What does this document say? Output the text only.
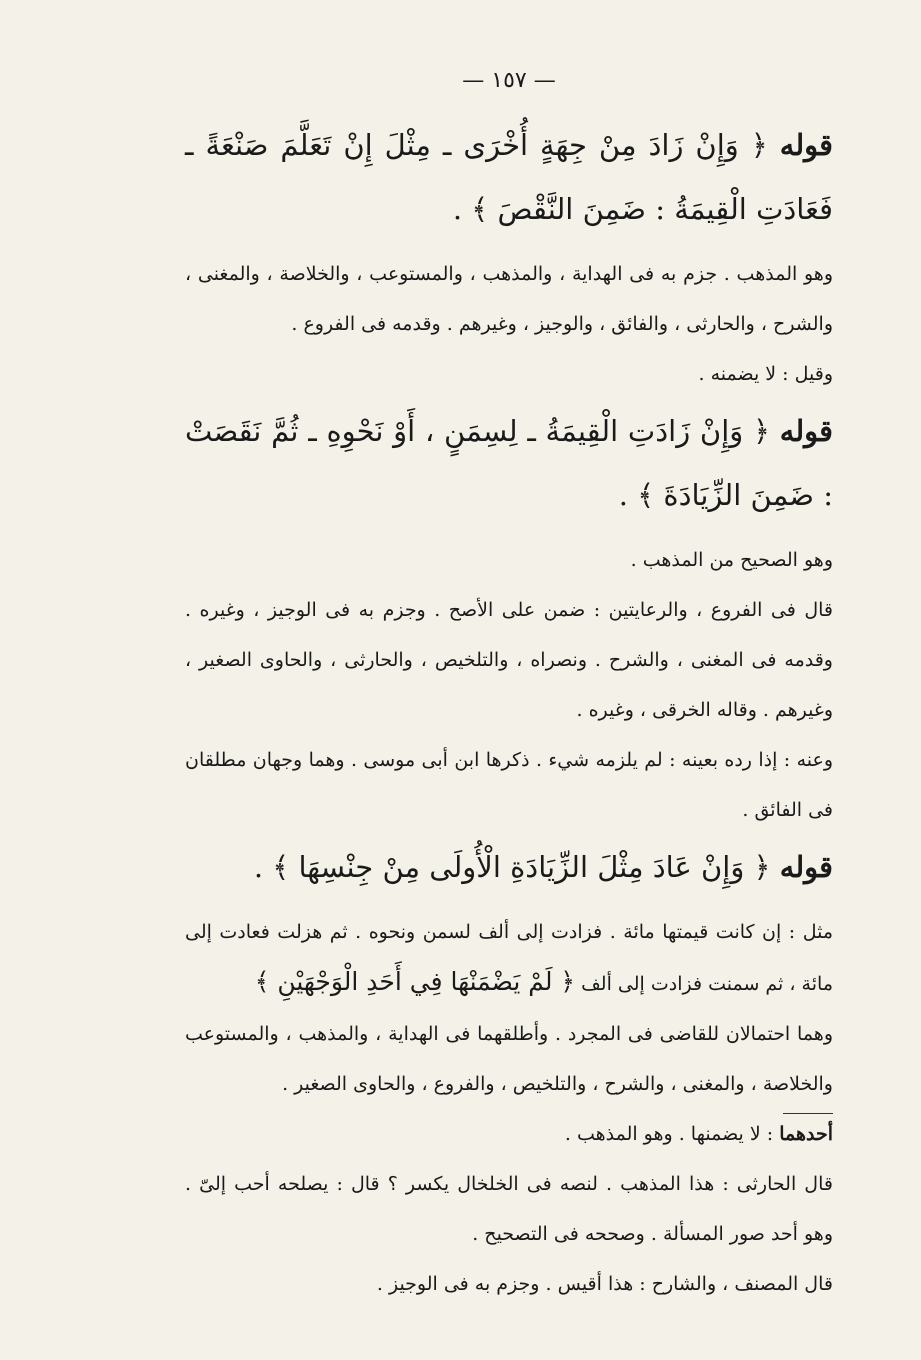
— ١٥٧ —

قوله ﴿ وَإِنْ زَادَ مِنْ جِهَةٍ أُخْرَى ـ مِثْلَ إِنْ تَعَلَّمَ صَنْعَةً ـ فَعَادَتِ الْقِيمَةُ : ضَمِنَ النَّقْصَ ﴾ .

وهو المذهب . جزم به فى الهداية ، والمذهب ، والمستوعب ، والخلاصة ، والمغنى ، والشرح ، والحارثى ، والفائق ، والوجيز ، وغيرهم . وقدمه فى الفروع .

وقيل : لا يضمنه .

قوله ﴿ وَإِنْ زَادَتِ الْقِيمَةُ ـ لِسِمَنٍ ، أَوْ نَحْوِهِ ـ ثُمَّ نَقَصَتْ : ضَمِنَ الزِّيَادَةَ ﴾ .

وهو الصحيح من المذهب .

قال فى الفروع ، والرعايتين : ضمن على الأصح . وجزم به فى الوجيز ، وغيره . وقدمه فى المغنى ، والشرح . ونصراه ، والتلخيص ، والحارثى ، والحاوى الصغير ، وغيرهم . وقاله الخرقى ، وغيره .

وعنه : إذا رده بعينه : لم يلزمه شيء . ذكرها ابن أبى موسى . وهما وجهان مطلقان فى الفائق .

قوله ﴿ وَإِنْ عَادَ مِثْلَ الزِّيَادَةِ الْأُولَى مِنْ جِنْسِهَا ﴾ .

مثل : إن كانت قيمتها مائة . فزادت إلى ألف لسمن ونحوه . ثم هزلت فعادت إلى مائة ، ثم سمنت فزادت إلى ألف ﴿ لَمْ يَضْمَنْهَا فِي أَحَدِ الْوَجْهَيْنِ ﴾

وهما احتمالان للقاضى فى المجرد . وأطلقهما فى الهداية ، والمذهب ، والمستوعب والخلاصة ، والمغنى ، والشرح ، والتلخيص ، والفروع ، والحاوى الصغير .

أحدهما : لا يضمنها . وهو المذهب .

قال الحارثى : هذا المذهب . لنصه فى الخلخال يكسر ؟ قال : يصلحه أحب إلىّ . وهو أحد صور المسألة . وصححه فى التصحيح .

قال المصنف ، والشارح : هذا أقيس . وجزم به فى الوجيز .
